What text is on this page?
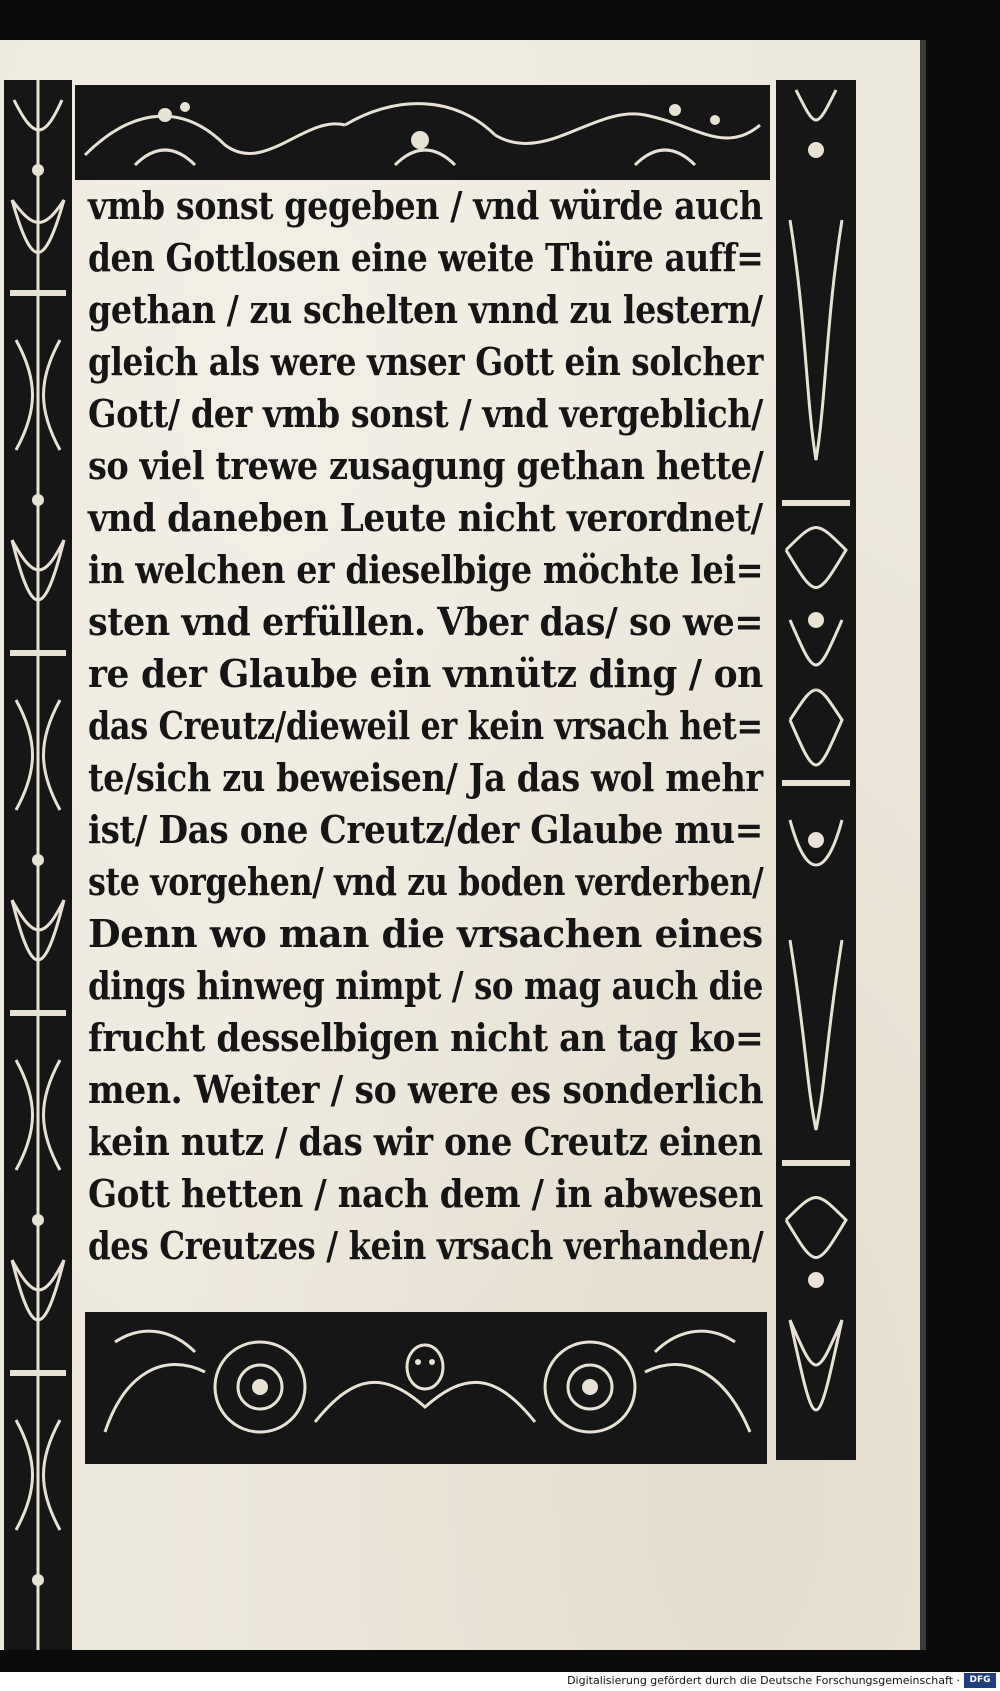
vmb sonst gegeben / vnd würde auch
den Gottlosen eine weite Thüre auff=
gethan / zu schelten vnnd zu lestern/
gleich als were vnser Gott ein solcher
Gott/ der vmb sonst / vnd vergeblich/
so viel trewe zusagung gethan hette/
vnd daneben Leute nicht verordnet/
in welchen er dieselbige möchte lei=
sten vnd erfüllen. Vber das/ so we=
re der Glaube ein vnnütz ding / on
das Creutz/dieweil er kein vrsach het=
te/sich zu beweisen/ Ja das wol mehr
ist/ Das one Creutz/der Glaube mu=
ste vorgehen/ vnd zu boden verderben/
Denn wo man die vrsachen eines
dings hinweg nimpt / so mag auch die
frucht desselbigen nicht an tag ko=
men. Weiter / so were es sonderlich
kein nutz / das wir one Creutz einen
Gott hetten / nach dem / in abwesen
des Creutzes / kein vrsach verhanden/
Digitalisierung gefördert durch die Deutsche Forschungsgemeinschaft ·	DFG
